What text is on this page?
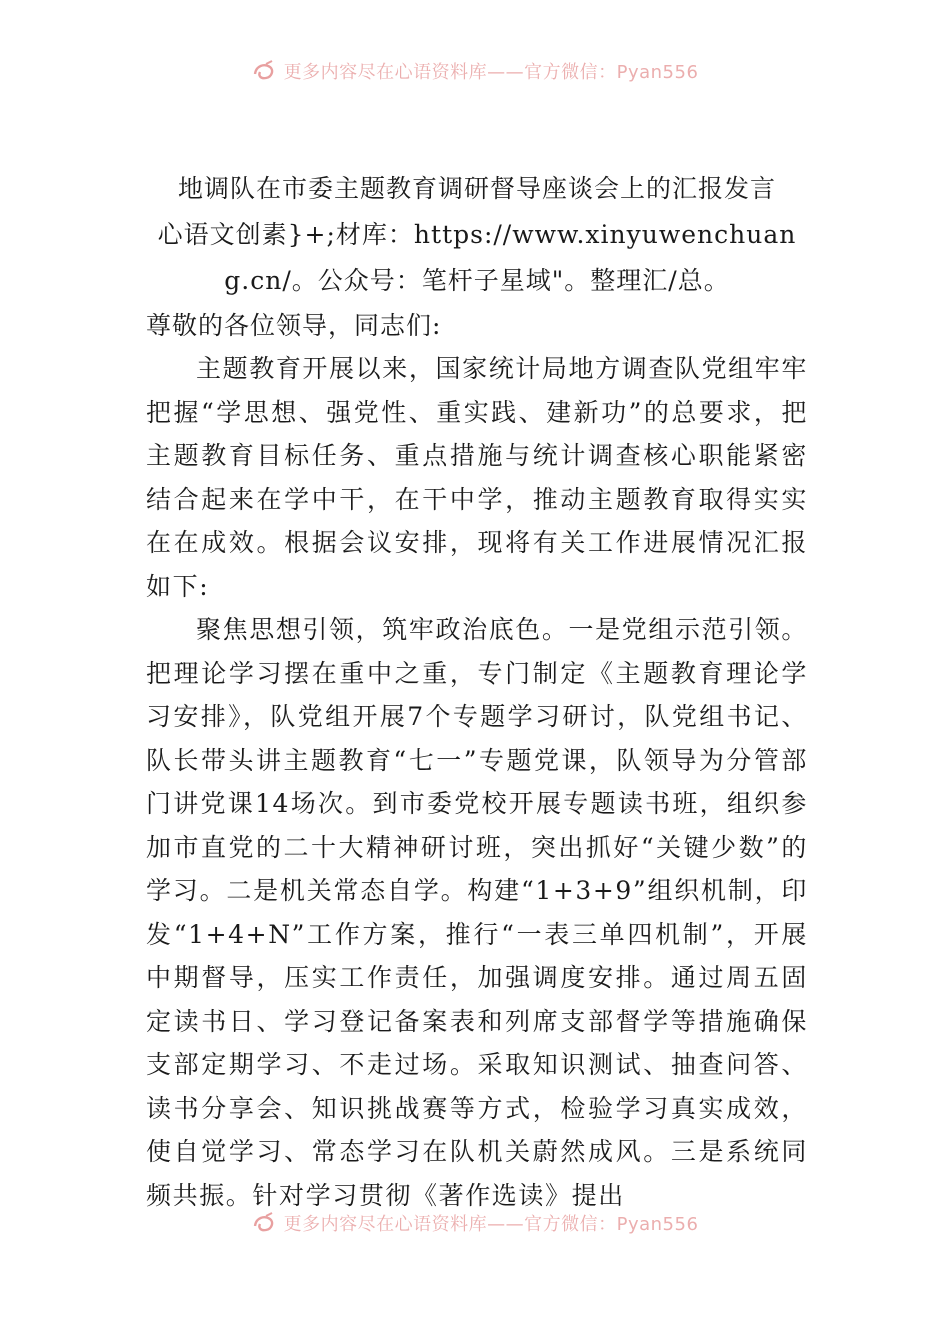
更多内容尽在心语资料库——官方微信：Pyan556
地调队在市委主题教育调研督导座谈会上的汇报发言

心语文创素}+;材库：https://www.xinyuwenchuang.cn/。公众号：笔杆子星域"。整理汇/总。

尊敬的各位领导，同志们:

主题教育开展以来，国家统计局地方调查队党组牢牢把握“学思想、强党性、重实践、建新功”的总要求，把主题教育目标任务、重点措施与统计调查核心职能紧密结合起来在学中干，在干中学，推动主题教育取得实实在在成效。根据会议安排，现将有关工作进展情况汇报如下:

聚焦思想引领，筑牢政治底色。一是党组示范引领。把理论学习摆在重中之重，专门制定《主题教育理论学习安排》，队党组开展7个专题学习研讨，队党组书记、队长带头讲主题教育“七一”专题党课，队领导为分管部门讲党课14场次。到市委党校开展专题读书班，组织参加市直党的二十大精神研讨班，突出抓好“关键少数”的学习。二是机关常态自学。构建“1+3+9”组织机制，印发“1+4+N”工作方案，推行“一表三单四机制”，开展中期督导，压实工作责任，加强调度安排。通过周五固定读书日、学习登记备案表和列席支部督学等措施确保支部定期学习、不走过场。采取知识测试、抽查问答、读书分享会、知识挑战赛等方式，检验学习真实成效，使自觉学习、常态学习在队机关蔚然成风。三是系统同频共振。针对学习贯彻《著作选读》提出

更多内容尽在心语资料库——官方微信：Pyan556
